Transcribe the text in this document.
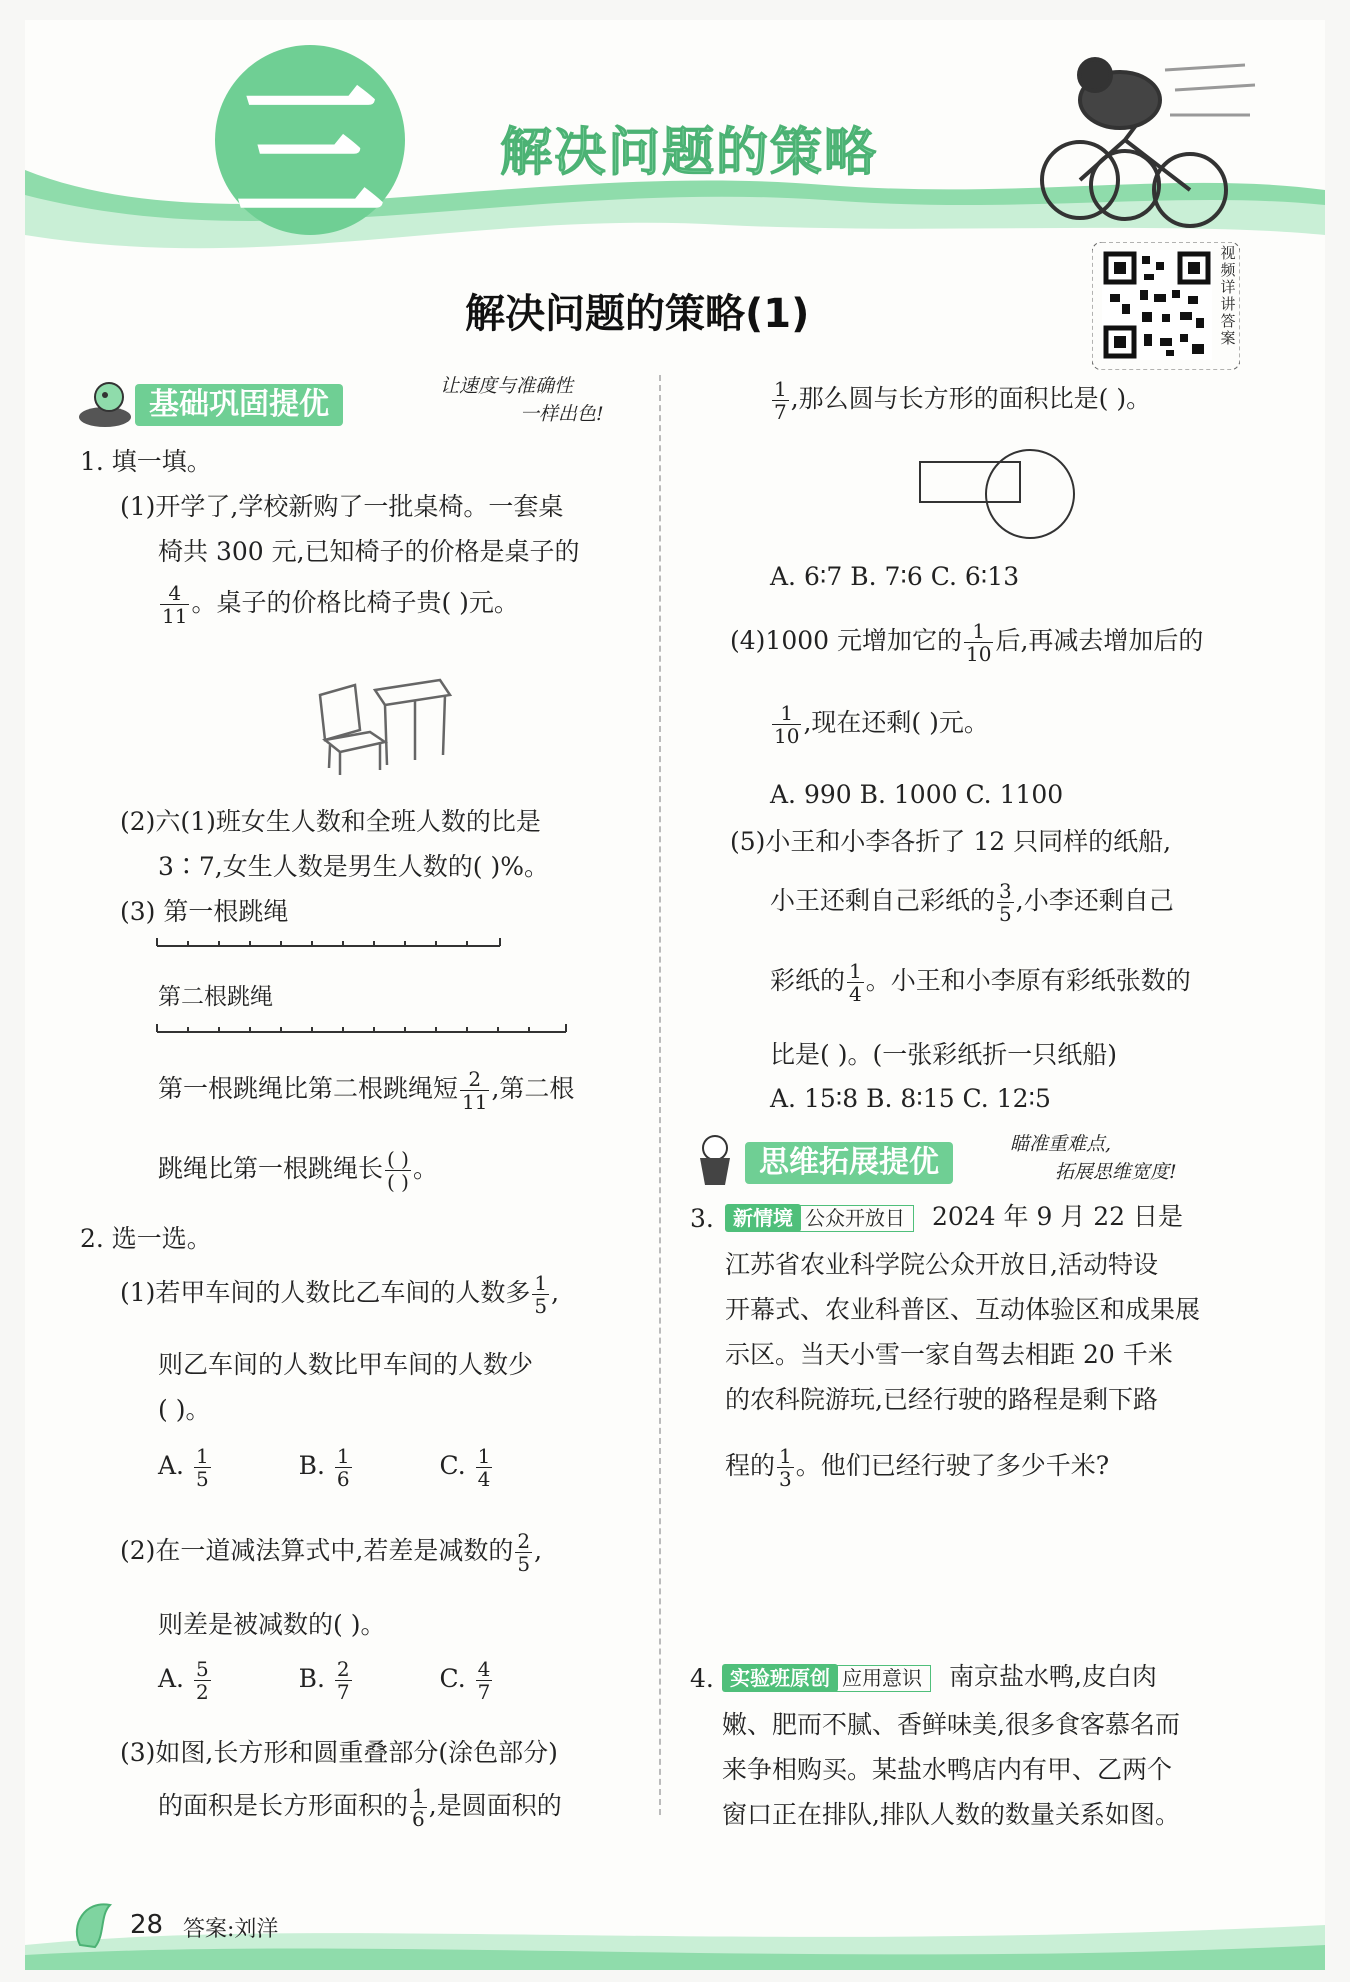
三 解决问题的策略
解决问题的策略(1)
视频详讲答案
基础巩固提优
让速度与准确性
一样出色!
1. 填一填。
(1)开学了,学校新购了一批桌椅。一套桌
椅共 300 元,已知椅子的价格是桌子的
$\frac{4}{11}$ 。桌子的价格比椅子贵( )元。
(2)六(1)班女生人数和全班人数的比是
3∶7,女生人数是男生人数的( )%。
(3) 第一根跳绳
第二根跳绳
第一根跳绳比第二根跳绳短 $\frac{2}{11}$ ,第二根
跳绳比第一根跳绳长 $\frac{( )}{( )}$ 。
2. 选一选。
(1)若甲车间的人数比乙车间的人数多 $\frac{1}{5}$ ,
则乙车间的人数比甲车间的人数少
( )。
A. $\frac{1}{5}$	B. $\frac{1}{6}$	C. $\frac{1}{4}$
(2)在一道减法算式中,若差是减数的 $\frac{2}{5}$ ,
则差是被减数的( )。
A. $\frac{5}{2}$	B. $\frac{2}{7}$	C. $\frac{4}{7}$
(3)如图,长方形和圆重叠部分(涂色部分)
的面积是长方形面积的 $\frac{1}{6}$ ,是圆面积的
$\frac{1}{7}$ ,那么圆与长方形的面积比是( )。
A. 6∶7 B. 7∶6 C. 6∶13
(4)1000 元增加它的 $\frac{1}{10}$ 后,再减去增加后的
$\frac{1}{10}$ ,现在还剩( )元。
A. 990 B. 1000 C. 1100
(5)小王和小李各折了 12 只同样的纸船,
小王还剩自己彩纸的 $\frac{3}{5}$ ,小李还剩自己
彩纸的 $\frac{1}{4}$ 。小王和小李原有彩纸张数的
比是( )。(一张彩纸折一只纸船)
A. 15∶8 B. 8∶15 C. 12∶5
思维拓展提优
瞄准重难点,
拓展思维宽度!
3. 新情境 公众开放日 2024 年 9 月 22 日是
江苏省农业科学院公众开放日,活动特设
开幕式、农业科普区、互动体验区和成果展
示区。当天小雪一家自驾去相距 20 千米
的农科院游玩,已经行驶的路程是剩下路
程的 $\frac{1}{3}$ 。他们已经行驶了多少千米?
4. 实验班原创 应用意识 南京盐水鸭,皮白肉
嫩、肥而不腻、香鲜味美,很多食客慕名而
来争相购买。某盐水鸭店内有甲、乙两个
窗口正在排队,排队人数的数量关系如图。
28 答案:刘洋
